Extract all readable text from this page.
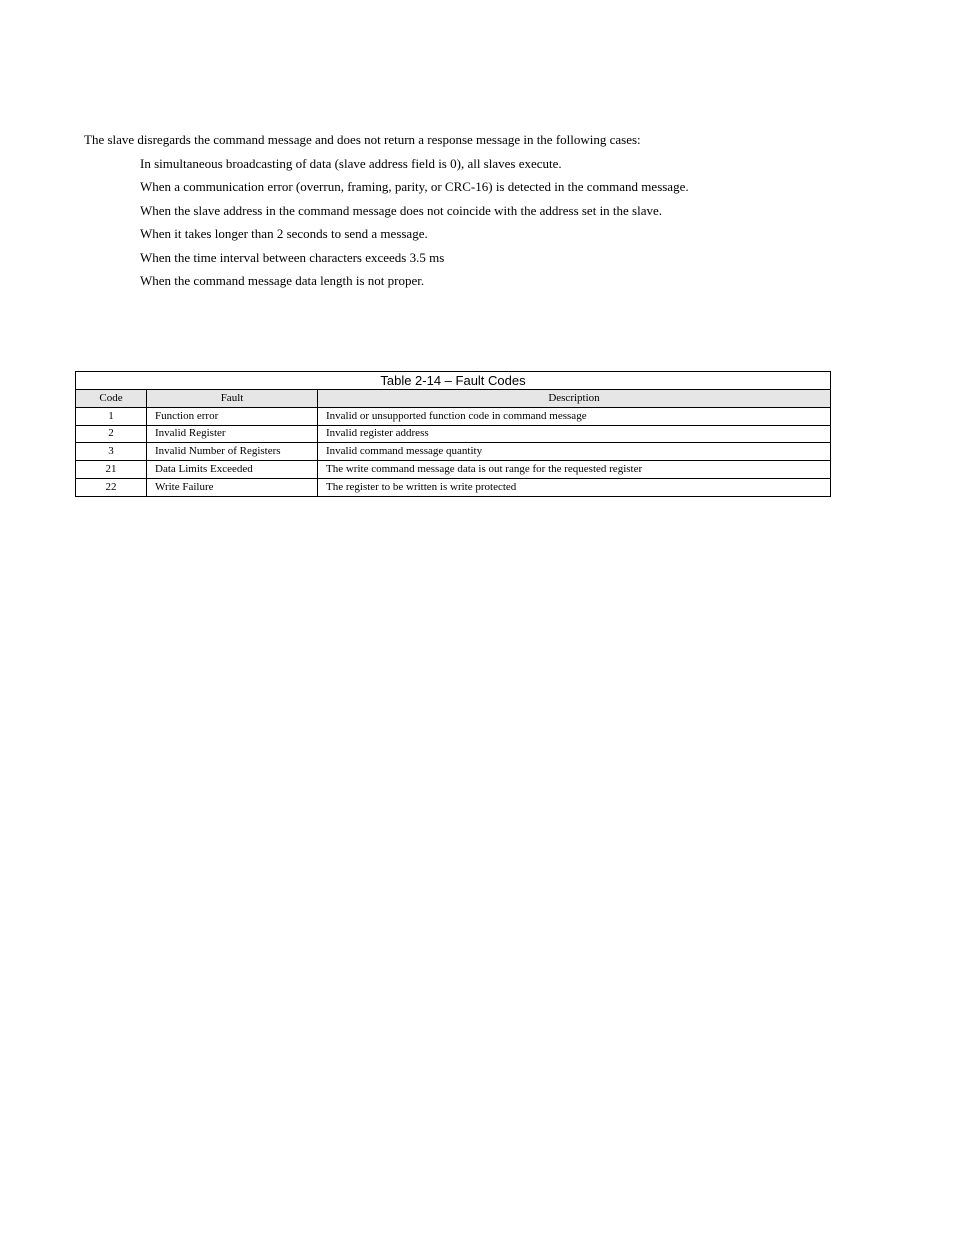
The slave disregards the command message and does not return a response message in the following cases:

In simultaneous broadcasting of data (slave address field is 0), all slaves execute.
When a communication error (overrun, framing, parity, or CRC-16) is detected in the command message.
When the slave address in the command message does not coincide with the address set in the slave.
When it takes longer than 2 seconds to send a message.
When the time interval between characters exceeds 3.5 ms
When the command message data length is not proper.
Table 2-14 – Fault Codes
Code	Fault	Description
1	Function error	Invalid or unsupported function code in command message
2	Invalid Register	Invalid register address
3	Invalid Number of Registers	Invalid command message quantity
21	Data Limits Exceeded	The write command message data is out range for the requested register
22	Write Failure	The register to be written is write protected
